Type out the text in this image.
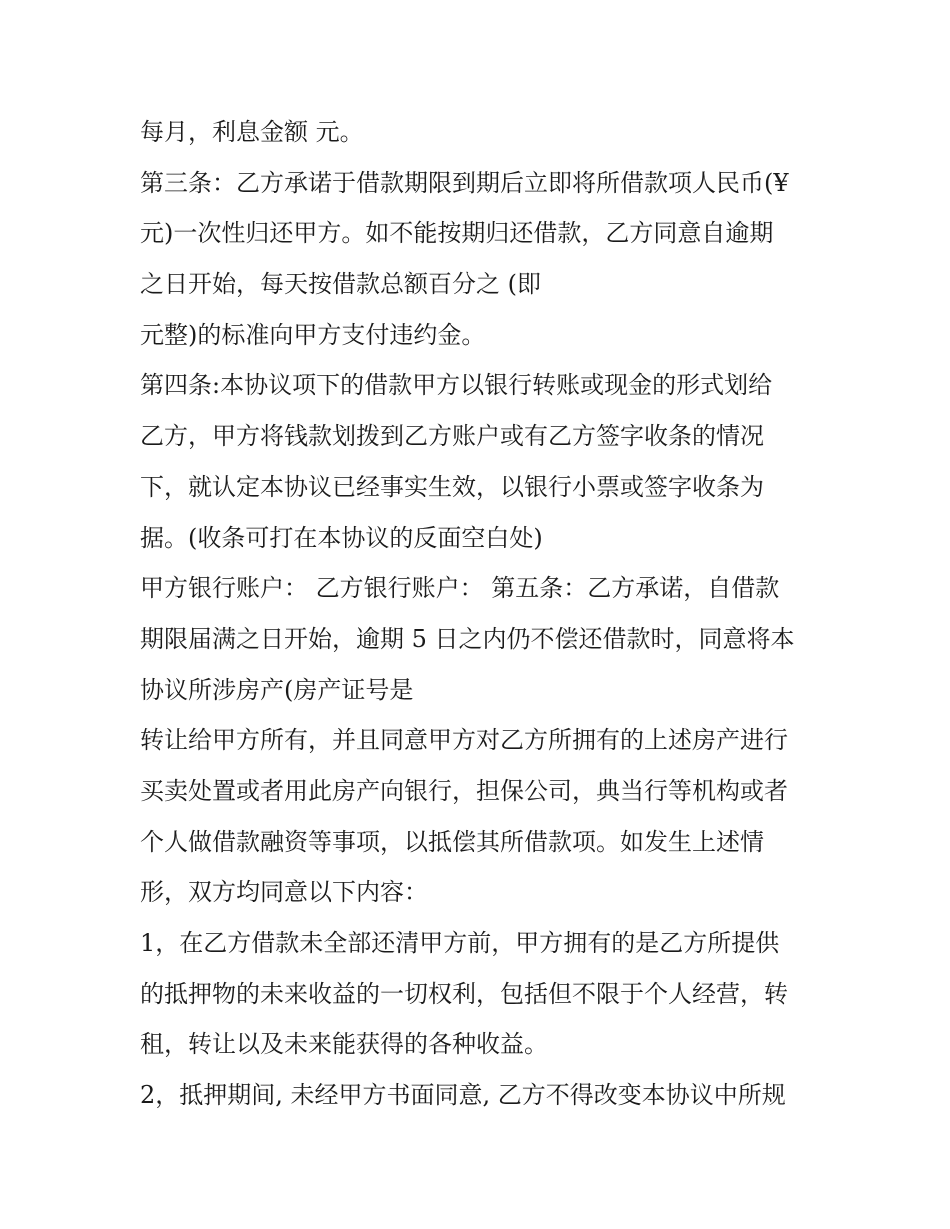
每月，利息金额 元。
第三条：乙方承诺于借款期限到期后立即将所借款项人民币(¥
元)一次性归还甲方。如不能按期归还借款，乙方同意自逾期
之日开始，每天按借款总额百分之 (即
元整)的标准向甲方支付违约金。
第四条:本协议项下的借款甲方以银行转账或现金的形式划给
乙方，甲方将钱款划拨到乙方账户或有乙方签字收条的情况
下，就认定本协议已经事实生效，以银行小票或签字收条为
据。(收条可打在本协议的反面空白处)
甲方银行账户： 乙方银行账户： 第五条：乙方承诺，自借款
期限届满之日开始，逾期 5 日之内仍不偿还借款时，同意将本
协议所涉房产(房产证号是
转让给甲方所有，并且同意甲方对乙方所拥有的上述房产进行
买卖处置或者用此房产向银行，担保公司，典当行等机构或者
个人做借款融资等事项，以抵偿其所借款项。如发生上述情
形，双方均同意以下内容：
1，在乙方借款未全部还清甲方前，甲方拥有的是乙方所提供
的抵押物的未来收益的一切权利，包括但不限于个人经营，转
租，转让以及未来能获得的各种收益。
2，抵押期间, 未经甲方书面同意, 乙方不得改变本协议中所规
